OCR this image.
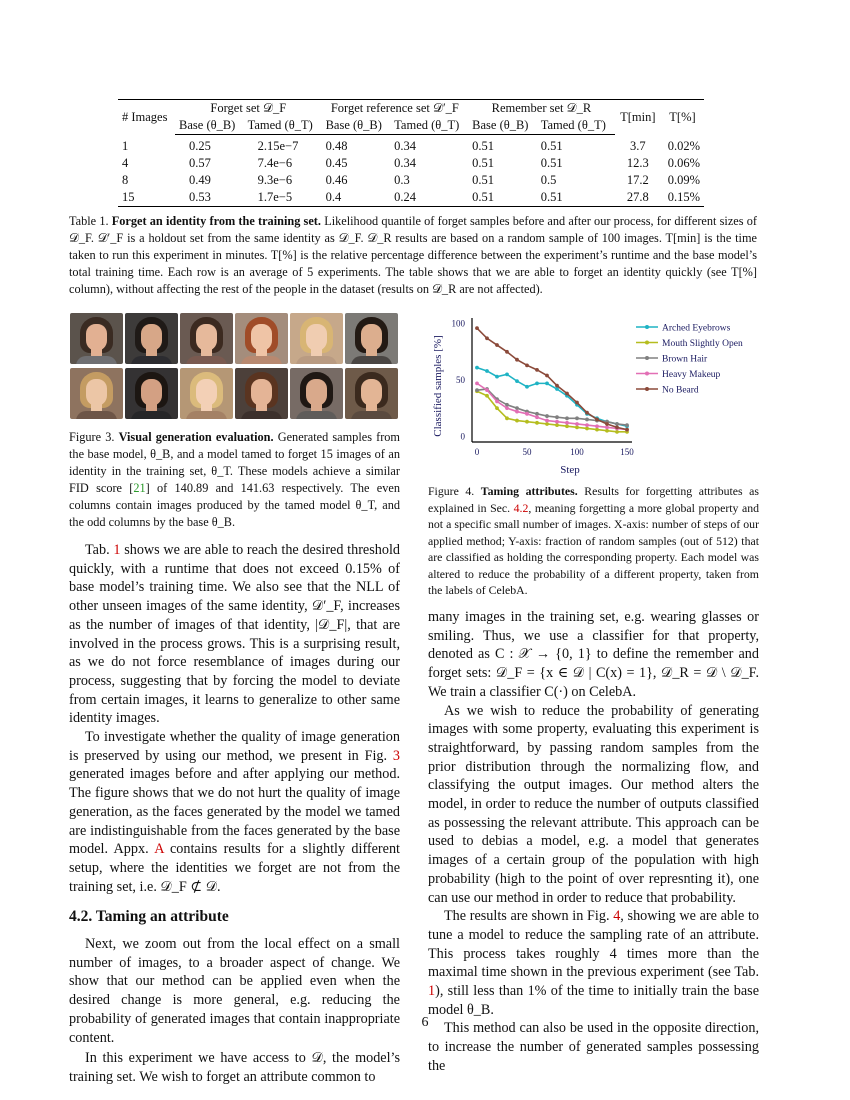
# Images	Forget set 𝒟_F		Forget reference set 𝒟′_F		Remember set 𝒟_R		T[min]	T[%]
	Base (θ_B)	Tamed (θ_T)	Base (θ_B)	Tamed (θ_T)	Base (θ_B)	Tamed (θ_T)		
1	0.25	2.15e−7	0.48	0.34	0.51	0.51	3.7	0.02%
4	0.57	7.4e−6	0.45	0.34	0.51	0.51	12.3	0.06%
8	0.49	9.3e−6	0.46	0.3	0.51	0.5	17.2	0.09%
15	0.53	1.7e−5	0.4	0.24	0.51	0.51	27.8	0.15%
Table 1. Forget an identity from the training set. Likelihood quantile of forget samples before and after our process, for different sizes of 𝒟_F. 𝒟′_F is a holdout set from the same identity as 𝒟_F. 𝒟_R results are based on a random sample of 100 images. T[min] is the time taken to run this experiment in minutes. T[%] is the relative percentage difference between the experiment’s runtime and the base model’s total training time. Each row is an average of 5 experiments. The table shows that we are able to forget an identity quickly (see T[%] column), without affecting the rest of the people in the dataset (results on 𝒟_R are not affected).
Figure 3. Visual generation evaluation. Generated samples from the base model, θ_B, and a model tamed to forget 15 images of an identity in the training set, θ_T. These models achieve a similar FID score [21] of 140.89 and 141.63 respectively. The even columns contain images produced by the tamed model θ_T, and the odd columns by the base θ_B.
0
50
100
0	50	100	150
Step
Classified samples [%]
Arched Eyebrows
Mouth Slightly Open
Brown Hair
Heavy Makeup
No Beard
Figure 4. Taming attributes. Results for forgetting attributes as explained in Sec. 4.2, meaning forgetting a more global property and not a specific small number of images. X-axis: number of steps of our applied method; Y-axis: fraction of random samples (out of 512) that are classified as holding the corresponding property. Each model was altered to reduce the probability of a different property, taken from the labels of CelebA.

Tab. 1 shows we are able to reach the desired threshold quickly, with a runtime that does not exceed 0.15% of base model’s training time. We also see that the NLL of other unseen images of the same identity, 𝒟′_F, increases as the number of images of that identity, |𝒟_F|, that are involved in the process grows. This is a surprising result, as we do not force resemblance of images during our process, suggesting that by forcing the model to deviate from certain images, it learns to generalize to other same identity images.

To investigate whether the quality of image generation is preserved by using our method, we present in Fig. 3 generated images before and after applying our method. The figure shows that we do not hurt the quality of image generation, as the faces generated by the model we tamed are indistinguishable from the faces generated by the base model. Appx. A contains results for a slightly different setup, where the identities we forget are not from the training set, i.e. 𝒟_F ⊄ 𝒟.

4.2. Taming an attribute

Next, we zoom out from the local effect on a small number of images, to a broader aspect of change. We show that our method can be applied even when the desired change is more general, e.g. reducing the probability of generated images that contain inappropriate content.

In this experiment we have access to 𝒟, the model’s training set. We wish to forget an attribute common to

many images in the training set, e.g. wearing glasses or smiling. Thus, we use a classifier for that property, denoted as C : 𝒳 → {0, 1} to define the remember and forget sets: 𝒟_F = {x ∈ 𝒟 | C(x) = 1}, 𝒟_R = 𝒟 \ 𝒟_F. We train a classifier C(·) on CelebA.

As we wish to reduce the probability of generating images with some property, evaluating this experiment is straightforward, by passing random samples from the prior distribution through the normalizing flow, and classifying the output images. Our method alters the model, in order to reduce the number of outputs classified as possessing the relevant attribute. This approach can be used to debias a model, e.g. a model that generates images of a certain group of the population with high probability (high to the point of over represnting it), one can use our method in order to reduce that probability.

The results are shown in Fig. 4, showing we are able to tune a model to reduce the sampling rate of an attribute. This process takes roughly 4 times more than the maximal time shown in the previous experiment (see Tab. 1), still less than 1% of the time to initially train the base model θ_B.

This method can also be used in the opposite direction, to increase the number of generated samples possessing the

6
